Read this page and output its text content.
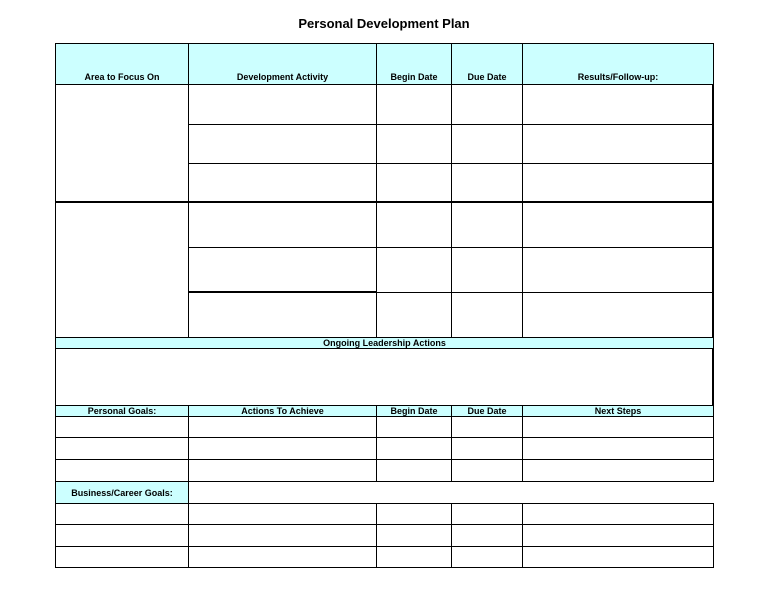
Personal Development Plan
Area to Focus On	Development Activity	Begin Date	Due Date	Results/Follow-up:
Ongoing Leadership Actions
Personal Goals:	Actions To Achieve	Begin Date	Due Date	Next Steps
Business/Career Goals:
